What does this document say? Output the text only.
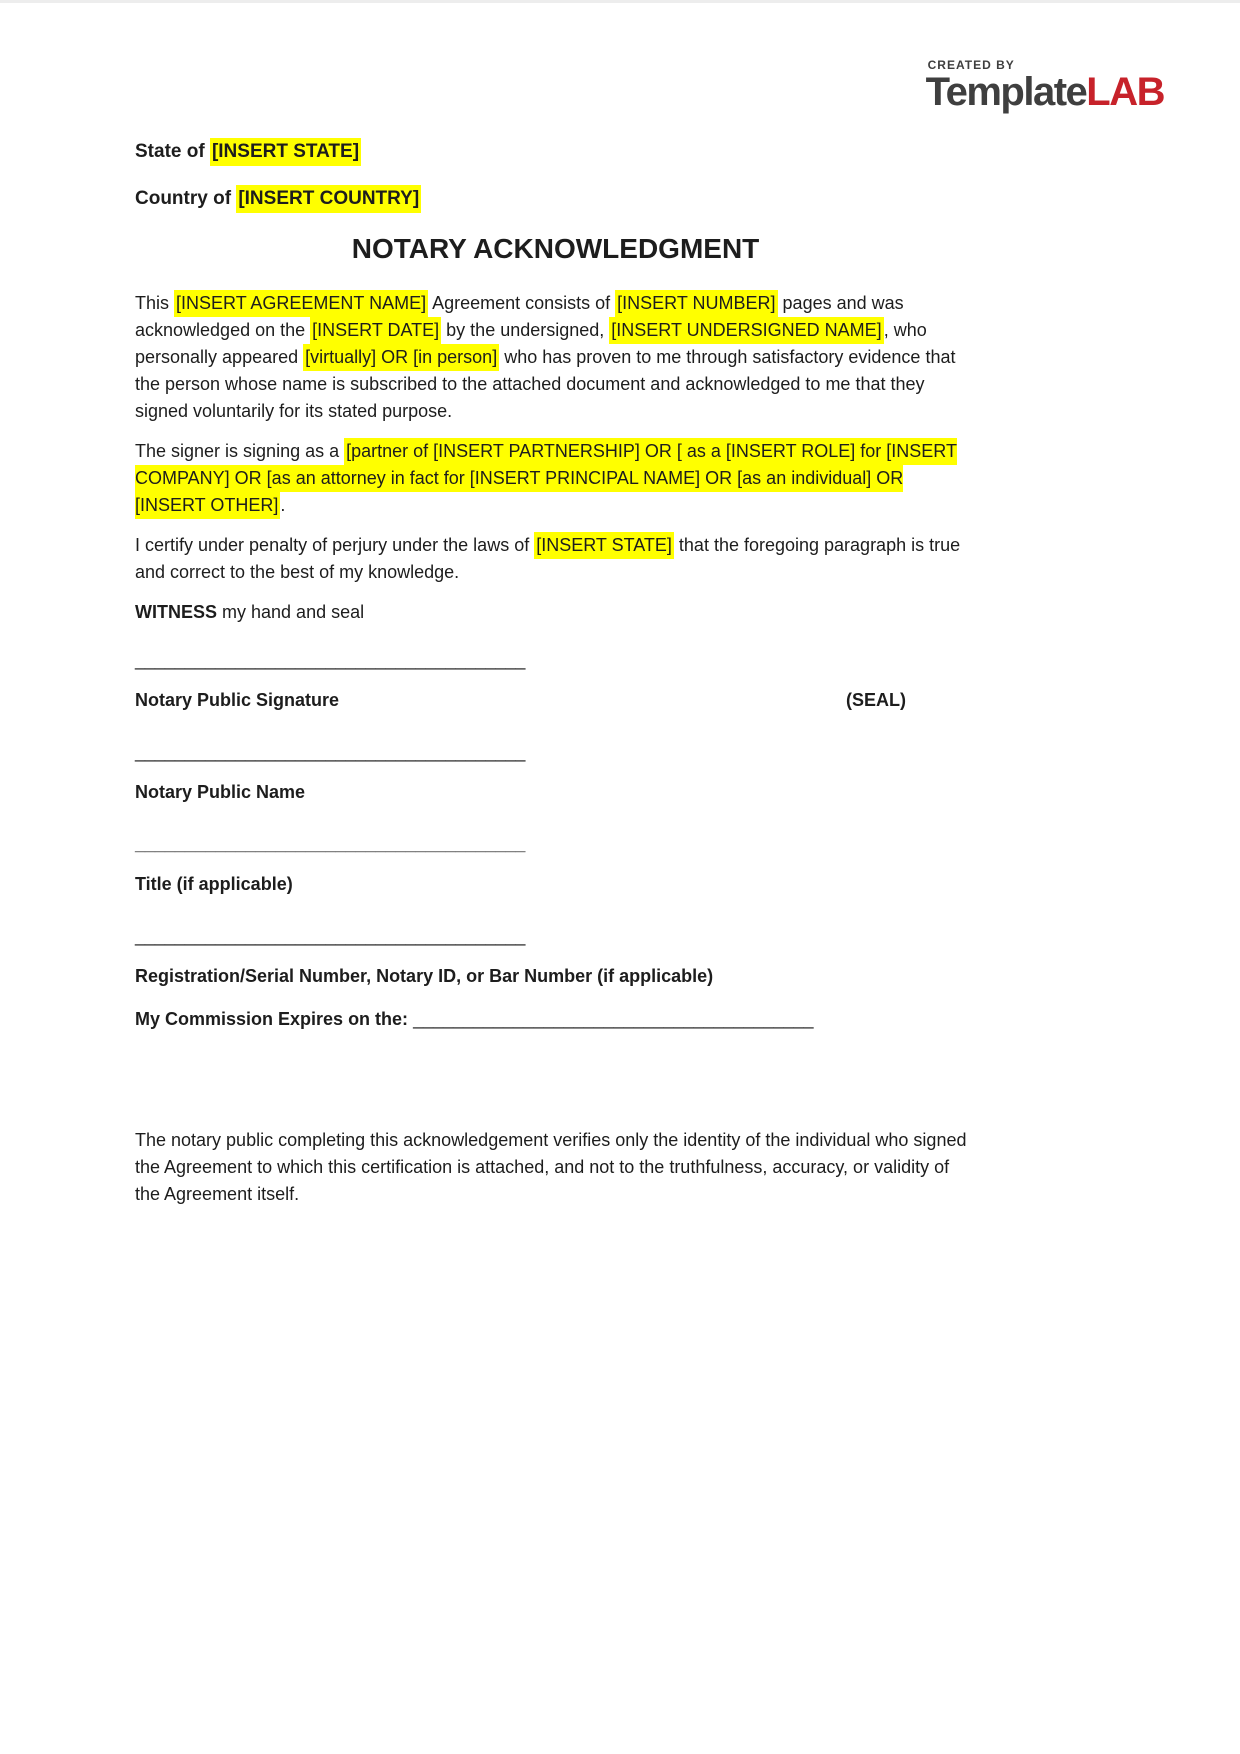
CREATED BY
TemplateLAB
State of [INSERT STATE]
Country of [INSERT COUNTRY]
NOTARY ACKNOWLEDGMENT

This [INSERT AGREEMENT NAME] Agreement consists of [INSERT NUMBER] pages and was acknowledged on the [INSERT DATE] by the undersigned, [INSERT UNDERSIGNED NAME] , who personally appeared [virtually] OR [in person] who has proven to me through satisfactory evidence that the person whose name is subscribed to the attached document and acknowledged to me that they signed voluntarily for its stated purpose.

The signer is signing as a [partner of [INSERT PARTNERSHIP] OR [ as a [INSERT ROLE] for [INSERT COMPANY] OR [as an attorney in fact for [INSERT PRINCIPAL NAME] OR [as an individual] OR [INSERT OTHER] .

I certify under penalty of perjury under the laws of [INSERT STATE] that the foregoing paragraph is true and correct to the best of my knowledge.

WITNESS my hand and seal

_______________________________________
Notary Public Signature	(SEAL)
_______________________________________
Notary Public Name
_______________________________________
Title (if applicable)
_______________________________________
Registration/Serial Number, Notary ID, or Bar Number (if applicable)

My Commission Expires on the: ________________________________________

The notary public completing this acknowledgement verifies only the identity of the individual who signed the Agreement to which this certification is attached, and not to the truthfulness, accuracy, or validity of the Agreement itself.
